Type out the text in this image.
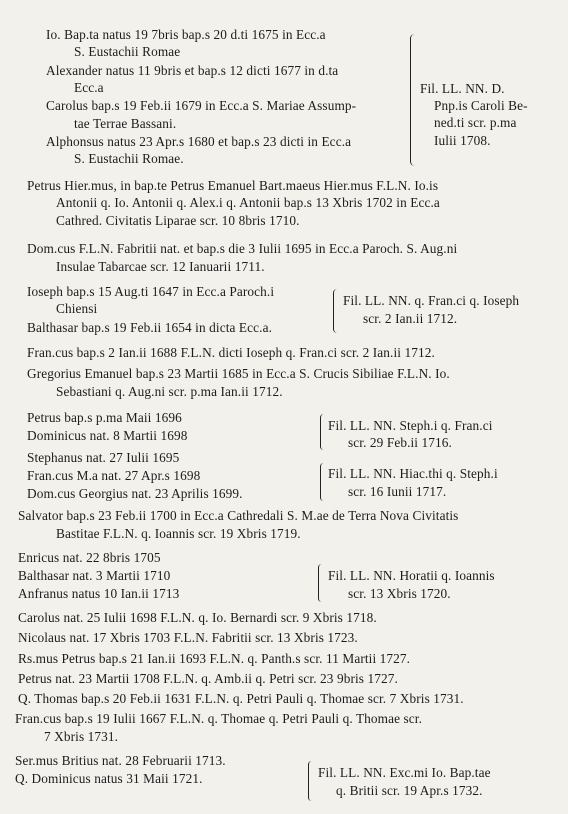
Io. Bap.ta natus 19 7bris bap.s 20 d.ti 1675 in Ecc.a
S. Eustachii Romae
Alexander natus 11 9bris et bap.s 12 dicti 1677 in d.ta
Ecc.a
Carolus bap.s 19 Feb.ii 1679 in Ecc.a S. Mariae Assump-
tae Terrae Bassani.
Alphonsus natus 23 Apr.s 1680 et bap.s 23 dicti in Ecc.a
S. Eustachii Romae.
Fil. LL. NN. D.
Pnp.is Caroli Be-
ned.ti scr. p.ma
Iulii 1708.
Petrus Hier.mus, in bap.te Petrus Emanuel Bart.maeus Hier.mus F.L.N. Io.is
Antonii q. Io. Antonii q. Alex.i q. Antonii bap.s 13 Xbris 1702 in Ecc.a
Cathred. Civitatis Liparae scr. 10 8bris 1710.
Dom.cus F.L.N. Fabritii nat. et bap.s die 3 Iulii 1695 in Ecc.a Paroch. S. Aug.ni
Insulae Tabarcae scr. 12 Ianuarii 1711.
Ioseph bap.s 15 Aug.ti 1647 in Ecc.a Paroch.i
Chiensi
Balthasar bap.s 19 Feb.ii 1654 in dicta Ecc.a.
Fil. LL. NN. q. Fran.ci q. Ioseph
scr. 2 Ian.ii 1712.
Fran.cus bap.s 2 Ian.ii 1688 F.L.N. dicti Ioseph q. Fran.ci scr. 2 Ian.ii 1712.
Gregorius Emanuel bap.s 23 Martii 1685 in Ecc.a S. Crucis Sibiliae F.L.N. Io.
Sebastiani q. Aug.ni scr. p.ma Ian.ii 1712.
Petrus bap.s p.ma Maii 1696
Dominicus nat. 8 Martii 1698
Stephanus nat. 27 Iulii 1695
Fran.cus M.a nat. 27 Apr.s 1698
Dom.cus Georgius nat. 23 Aprilis 1699.
Fil. LL. NN. Steph.i q. Fran.ci
scr. 29 Feb.ii 1716.
Fil. LL. NN. Hiac.thi q. Steph.i
scr. 16 Iunii 1717.
Salvator bap.s 23 Feb.ii 1700 in Ecc.a Cathredali S. M.ae de Terra Nova Civitatis
Bastitae F.L.N. q. Ioannis scr. 19 Xbris 1719.
Enricus nat. 22 8bris 1705
Balthasar nat. 3 Martii 1710
Anfranus natus 10 Ian.ii 1713
Fil. LL. NN. Horatii q. Ioannis
scr. 13 Xbris 1720.
Carolus nat. 25 Iulii 1698 F.L.N. q. Io. Bernardi scr. 9 Xbris 1718.
Nicolaus nat. 17 Xbris 1703 F.L.N. Fabritii scr. 13 Xbris 1723.
Rs.mus Petrus bap.s 21 Ian.ii 1693 F.L.N. q. Panth.s scr. 11 Martii 1727.
Petrus nat. 23 Martii 1708 F.L.N. q. Amb.ii q. Petri scr. 23 9bris 1727.
Q. Thomas bap.s 20 Feb.ii 1631 F.L.N. q. Petri Pauli q. Thomae scr. 7 Xbris 1731.
Fran.cus bap.s 19 Iulii 1667 F.L.N. q. Thomae q. Petri Pauli q. Thomae scr.
7 Xbris 1731.
Ser.mus Britius nat. 28 Februarii 1713.
Q. Dominicus natus 31 Maii 1721.	Fil. LL. NN. Exc.mi Io. Bap.tae
q. Britii scr. 19 Apr.s 1732.
